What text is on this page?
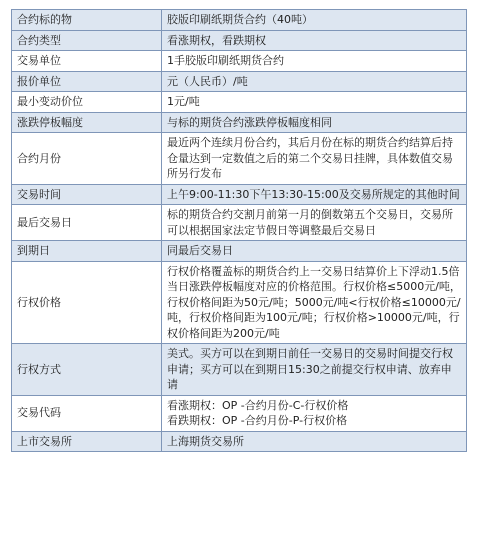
合约标的物	胶版印刷纸期货合约（40吨）
合约类型	看涨期权，看跌期权
交易单位	1手胶版印刷纸期货合约
报价单位	元（人民币）/吨
最小变动价位	1元/吨
涨跌停板幅度	与标的期货合约涨跌停板幅度相同
合约月份	最近两个连续月份合约，其后月份在标的期货合约结算后持仓量达到一定数值之后的第二个交易日挂牌，具体数值交易所另行发布
交易时间	上午9:00-11:30下午13:30-15:00及交易所规定的其他时间
最后交易日	标的期货合约交割月前第一月的倒数第五个交易日，交易所可以根据国家法定节假日等调整最后交易日
到期日	同最后交易日
行权价格	行权价格覆盖标的期货合约上一交易日结算价上下浮动1.5倍当日涨跌停板幅度对应的价格范围。行权价格≤5000元/吨，行权价格间距为50元/吨；5000元/吨<行权价格≤10000元/吨，行权价格间距为100元/吨；行权价格>10000元/吨，行权价格间距为200元/吨
行权方式	美式。买方可以在到期日前任一交易日的交易时间提交行权申请；买方可以在到期日15:30之前提交行权申请、放弃申请
交易代码	看涨期权：OP -合约月份-C-行权价格
看跌期权：OP -合约月份-P-行权价格

上市交易所	上海期货交易所
